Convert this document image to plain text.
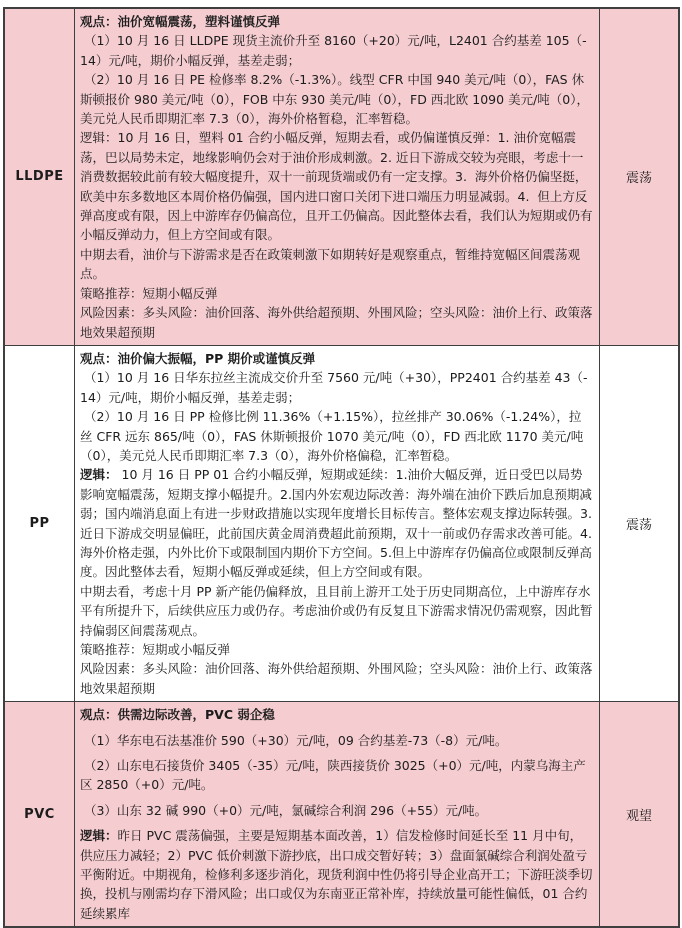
LLDPE
观点：油价宽幅震荡，塑料谨慎反弹
（1）10 月 16 日 LLDPE 现货主流价升至 8160（+20）元/吨，L2401 合约基差 105（-14）元/吨，期价小幅反弹，基差走弱；
（2）10 月 16 日 PE 检修率 8.2%（-1.3%）。线型 CFR 中国 940 美元/吨（0），FAS 休斯顿报价 980 美元/吨（0），FOB 中东 930 美元/吨（0），FD 西北欧 1090 美元/吨（0），美元兑人民币即期汇率 7.3（0），海外价格暂稳，汇率暂稳。
逻辑：10 月 16 日，塑料 01 合约小幅反弹，短期去看，或仍偏谨慎反弹：1. 油价宽幅震荡，巴以局势未定，地缘影响仍会对于油价形成刺激。2. 近日下游成交较为亮眼，考虑十一消费数据较此前有较大幅度提升，双十一前现货端或仍有一定支撑。3.  海外价格仍偏坚挺，欧美中东多数地区本周价格仍偏强，国内进口窗口关闭下进口端压力明显减弱。4.  但上方反弹高度或有限，因上中游库存仍偏高位，且开工仍偏高。因此整体去看，我们认为短期或仍有小幅反弹动力，但上方空间或有限。
中期去看，油价与下游需求是否在政策刺激下如期转好是观察重点，暂维持宽幅区间震荡观点。
策略推荐：短期小幅反弹
风险因素：多头风险：油价回落、海外供给超预期、外围风险；空头风险：油价上行、政策落地效果超预期
震荡
PP
观点：油价偏大振幅，PP 期价或谨慎反弹
（1）10 月 16 日华东拉丝主流成交价升至 7560 元/吨（+30），PP2401 合约基差 43（-14）元/吨，期价小幅反弹，基差走弱；
（2）10 月 16 日 PP 检修比例 11.36%（+1.15%），拉丝排产 30.06%（-1.24%），拉丝 CFR 远东 865/吨（0），FAS 休斯顿报价 1070 美元/吨（0），FD 西北欧 1170 美元/吨（0），美元兑人民币即期汇率 7.3（0），海外价格偏稳，汇率暂稳。
逻辑： 10 月 16 日 PP 01 合约小幅反弹，短期或延续：1.油价大幅反弹，近日受巴以局势影响宽幅震荡，短期支撑小幅提升。2.国内外宏观边际改善：海外端在油价下跌后加息预期减弱；国内端消息面上有进一步财政措施以实现年度增长目标传言。整体宏观支撑边际转强。3.近日下游成交明显偏旺，此前国庆黄金周消费超此前预期，双十一前或仍存需求改善可能。4.海外价格走强，内外比价下或限制国内期价下方空间。5.但上中游库存仍偏高位或限制反弹高度。因此整体去看，短期小幅反弹或延续，但上方空间或有限。
中期去看，考虑十月 PP 新产能仍偏释放，且目前上游开工处于历史同期高位，上中游库存水平有所提升下，后续供应压力或仍存。考虑油价或仍有反复且下游需求情况仍需观察，因此暂持偏弱区间震荡观点。
策略推荐：短期或小幅反弹
风险因素：多头风险：油价回落、海外供给超预期、外围风险；空头风险：油价上行、政策落地效果超预期
震荡
PVC
观点：供需边际改善，PVC 弱企稳
（1）华东电石法基准价 590（+30）元/吨，09 合约基差-73（-8）元/吨。
（2）山东电石接货价 3405（-35）元/吨，陕西接货价 3025（+0）元/吨，内蒙乌海主产区 2850（+0）元/吨。
（3）山东 32 碱 990（+0）元/吨，氯碱综合利润 296（+55）元/吨。
逻辑：昨日 PVC 震荡偏强，主要是短期基本面改善，1）信发检修时间延长至 11 月中旬，供应压力减轻；2）PVC 低价刺激下游抄底，出口成交暂好转；3）盘面氯碱综合利润处盈亏平衡附近。中期视角，检修利多逐步消化，现货利润中性仍将引导企业高开工；下游旺淡季切换，投机与刚需均存下滑风险；出口或仅为东南亚正常补库，持续放量可能性偏低，01 合约延续累库
观望
